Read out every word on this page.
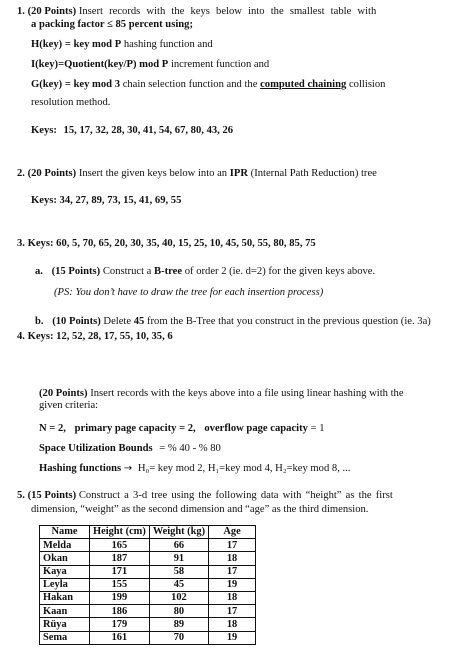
1. (20 Points) Insert records with the keys below into the smallest table with
a packing factor ≤ 85 percent using;
H(key) = key mod P hashing function and
I(key)=Quotient(key/P) mod P increment function and
G(key) = key mod 3 chain selection function and the computed chaining collision
resolution method.
Keys: 15, 17, 32, 28, 30, 41, 54, 67, 80, 43, 26
2. (20 Points) Insert the given keys below into an IPR (Internal Path Reduction) tree
Keys: 34, 27, 89, 73, 15, 41, 69, 55
3. Keys: 60, 5, 70, 65, 20, 30, 35, 40, 15, 25, 10, 45, 50, 55, 80, 85, 75
a. (15 Points) Construct a B-tree of order 2 (ie. d=2) for the given keys above.
(PS: You don’t have to draw the tree for each insertion process)
b. (10 Points) Delete 45 from the B-Tree that you construct in the previous question (ie. 3a)
4. Keys: 12, 52, 28, 17, 55, 10, 35, 6
(20 Points) Insert records with the keys above into a file using linear hashing with the
given criteria:
N = 2, primary page capacity = 2, overflow page capacity = 1
Space Utilization Bounds = % 40 - % 80
Hashing functions → H₀= key mod 2, H₁=key mod 4, H₂=key mod 8, ...
5. (15 Points) Construct a 3-d tree using the following data with “height” as the first
dimension, “weight” as the second dimension and “age” as the third dimension.
Name	Height (cm)	Weight (kg)	Age
Melda	165	66	17
Okan	187	91	18
Kaya	171	58	17
Leyla	155	45	19
Hakan	199	102	18
Kaan	186	80	17
Rüya	179	89	18
Sema	161	70	19
